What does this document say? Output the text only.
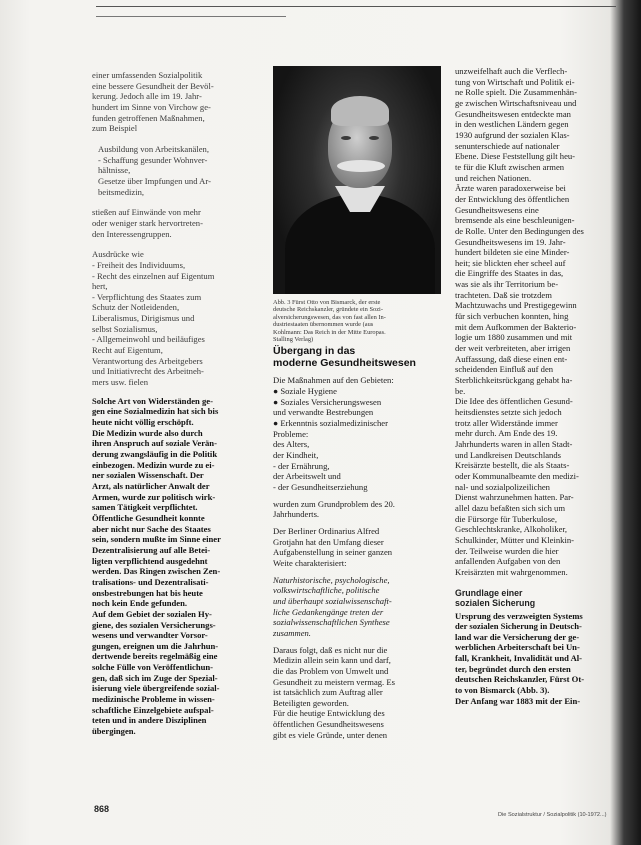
einer umfassenden Sozialpolitik
eine bessere Gesundheit der Bevöl-
kerung. Jedoch alle im 19. Jahr-
hundert im Sinne von Virchow ge-
funden getroffenen Maßnahmen,
zum Beispiel

Ausbildung von Arbeitskanälen,
- Schaffung gesunder Wohnver-
hältnisse,
Gesetze über Impfungen und Ar-
beitsmedizin,

stießen auf Einwände von mehr
oder weniger stark hervortreten-
den Interessengruppen.

Ausdrücke wie

- Freiheit des Individuums,
- Recht des einzelnen auf Eigentum
hert,
- Verpflichtung des Staates zum
Schutz der Notleidenden,
Liberalismus, Dirigismus und
selbst Sozialismus,
- Allgemeinwohl und beiläufiges
Recht auf Eigentum,
Verantwortung des Arbeitgebers
und Initiativrecht des Arbeitneh-
mers usw. fielen

Solche Art von Widerständen ge-
gen eine Sozialmedizin hat sich bis
heute nicht völlig erschöpft.
Die Medizin wurde also durch
ihren Anspruch auf soziale Verän-
derung zwangsläufig in die Politik
einbezogen. Medizin wurde zu ei-
ner sozialen Wissenschaft. Der
Arzt, als natürlicher Anwalt der
Armen, wurde zur politisch wirk-
samen Tätigkeit verpflichtet.
Öffentliche Gesundheit konnte
aber nicht nur Sache des Staates
sein, sondern mußte im Sinne einer
Dezentralisierung auf alle Betei-
ligten verpflichtend ausgedehnt
werden. Das Ringen zwischen Zen-
tralisations- und Dezentralisati-
onsbestrebungen hat bis heute
noch kein Ende gefunden.
Auf dem Gebiet der sozialen Hy-
giene, des sozialen Versicherungs-
wesens und verwandter Vorsor-
gungen, ereignen um die Jahrhun-
dertwende bereits regelmäßig eine
solche Fülle von Veröffentlichun-
gen, daß sich im Zuge der Spezial-
isierung viele übergreifende sozial-
medizinische Probleme in wissen-
schaftliche Einzelgebiete aufspal-
teten und in andere Disziplinen
übergingen.

Abb. 3 Fürst Otto von Bismarck, der erste
deutsche Reichskanzler, gründete ein Sozi-
alversicherungswesen, das von fast allen In-
dustriestaaten übernommen wurde (aus
Kohlmann: Das Reich in der Mitte Europas.
Stalling Verlag)

Übergang in das
moderne Gesundheitswesen

Die Maßnahmen auf den Gebieten:
● Soziale Hygiene
● Soziales Versicherungswesen
und verwandte Bestrebungen
● Erkenntnis sozialmedizinischer
Probleme:
des Alters,
der Kindheit,
- der Ernährung,
der Arbeitswelt und
- der Gesundheitserziehung

wurden zum Grundproblem des 20.
Jahrhunderts.

Der Berliner Ordinarius Alfred
Grotjahn hat den Umfang dieser
Aufgabenstellung in seiner ganzen
Weite charakterisiert:

Naturhistorische, psychologische,
volkswirtschaftliche, politische
und überhaupt sozialwissenschaft-
liche Gedankengänge treten der
sozialwissenschaftlichen Synthese
zusammen.

Daraus folgt, daß es nicht nur die
Medizin allein sein kann und darf,
die das Problem von Umwelt und
Gesundheit zu meistern vermag. Es
ist tatsächlich zum Auftrag aller
Beteiligten geworden.
Für die heutige Entwicklung des
öffentlichen Gesundheitswesens
gibt es viele Gründe, unter denen

unzweifelhaft auch die Verflech-
tung von Wirtschaft und Politik ei-
ne Rolle spielt. Die Zusammenhän-
ge zwischen Wirtschaftsniveau und
Gesundheitswesen entdeckte man
in den westlichen Ländern gegen
1930 aufgrund der sozialen Klas-
senunterschiede auf nationaler
Ebene. Diese Feststellung gilt heu-
te für die Kluft zwischen armen
und reichen Nationen.
Ärzte waren paradoxerweise bei
der Entwicklung des öffentlichen
Gesundheitswesens eine
bremsende als eine beschleunigen-
de Rolle. Unter den Bedingungen des
Gesundheitswesens im 19. Jahr-
hundert bildeten sie eine Minder-
heit; sie blickten eher scheel auf
die Eingriffe des Staates in das,
was sie als ihr Territorium be-
trachteten. Daß sie trotzdem
Machtzuwachs und Prestigegewinn
für sich verbuchen konnten, hing
mit dem Aufkommen der Bakterio-
logie um 1880 zusammen und mit
der weit verbreiteten, aber irrigen
Auffassung, daß diese einen ent-
scheidenden Einfluß auf den
Sterblichkeitsrückgang gehabt ha-
be.
Die Idee des öffentlichen Gesund-
heitsdienstes setzte sich jedoch
trotz aller Widerstände immer
mehr durch. Am Ende des 19.
Jahrhunderts waren in allen Stadt-
und Landkreisen Deutschlands
Kreisärzte bestellt, die als Staats-
oder Kommunalbeamte den medizi-
nal- und sozialpolizeilichen
Dienst wahrzunehmen hatten. Par-
allel dazu befaßten sich sich um
die Fürsorge für Tuberkulose,
Geschlechtskranke, Alkoholiker,
Schulkinder, Mütter und Kleinkin-
der. Teilweise wurden die hier
anfallenden Aufgaben von den
Kreisärzten mit wahrgenommen.

Grundlage einer
sozialen Sicherung

Ursprung des verzweigten Systems
der sozialen Sicherung in Deutsch-
land war die Versicherung der ge-
werblichen Arbeiterschaft bei Un-
fall, Krankheit, Invalidität und Al-
ter, begründet durch den ersten
deutschen Reichskanzler, Fürst Ot-
to von Bismarck (Abb. 3).
Der Anfang war 1883 mit der Ein-

868
Die Sozialstruktur / Sozialpolitik (10-1972...)
